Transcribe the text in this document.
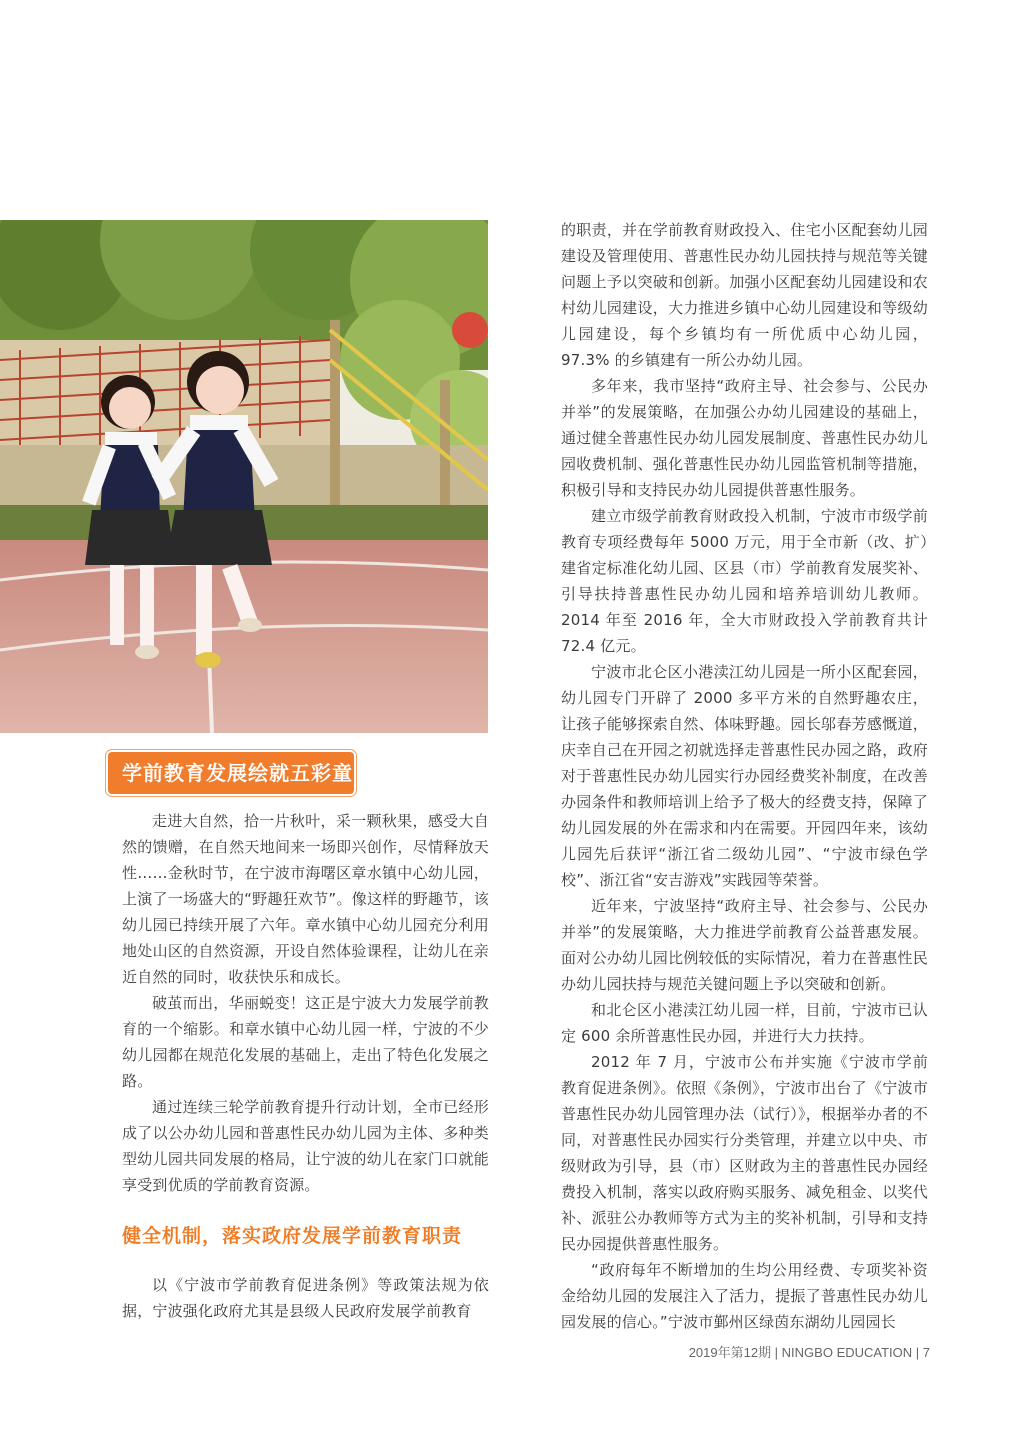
学前教育发展绘就五彩童年 走进大自然，拾一片秋叶，采一颗秋果，感受大自然的馈赠，在自然天地间来一场即兴创作，尽情释放天性……金秋时节，在宁波市海曙区章水镇中心幼儿园，上演了一场盛大的“野趣狂欢节”。像这样的野趣节，该幼儿园已持续开展了六年。章水镇中心幼儿园充分利用地处山区的自然资源，开设自然体验课程，让幼儿在亲近自然的同时，收获快乐和成长。

破茧而出，华丽蜕变！这正是宁波大力发展学前教育的一个缩影。和章水镇中心幼儿园一样，宁波的不少幼儿园都在规范化发展的基础上，走出了特色化发展之路。

通过连续三轮学前教育提升行动计划，全市已经形成了以公办幼儿园和普惠性民办幼儿园为主体、多种类型幼儿园共同发展的格局，让宁波的幼儿在家门口就能享受到优质的学前教育资源。

健全机制，落实政府发展学前教育职责

以《宁波市学前教育促进条例》等政策法规为依据，宁波强化政府尤其是县级人民政府发展学前教育

的职责，并在学前教育财政投入、住宅小区配套幼儿园建设及管理使用、普惠性民办幼儿园扶持与规范等关键问题上予以突破和创新。加强小区配套幼儿园建设和农村幼儿园建设，大力推进乡镇中心幼儿园建设和等级幼儿园建设，每个乡镇均有一所优质中心幼儿园，97.3% 的乡镇建有一所公办幼儿园。

多年来，我市坚持“政府主导、社会参与、公民办并举”的发展策略，在加强公办幼儿园建设的基础上，通过健全普惠性民办幼儿园发展制度、普惠性民办幼儿园收费机制、强化普惠性民办幼儿园监管机制等措施，积极引导和支持民办幼儿园提供普惠性服务。

建立市级学前教育财政投入机制，宁波市市级学前教育专项经费每年 5000 万元，用于全市新（改、扩）建省定标准化幼儿园、区县（市）学前教育发展奖补、引导扶持普惠性民办幼儿园和培养培训幼儿教师。2014 年至 2016 年，全大市财政投入学前教育共计 72.4 亿元。

宁波市北仑区小港渎江幼儿园是一所小区配套园，幼儿园专门开辟了 2000 多平方米的自然野趣农庄，让孩子能够探索自然、体味野趣。园长邬春芳感慨道，庆幸自己在开园之初就选择走普惠性民办园之路，政府对于普惠性民办幼儿园实行办园经费奖补制度，在改善办园条件和教师培训上给予了极大的经费支持，保障了幼儿园发展的外在需求和内在需要。开园四年来，该幼儿园先后获评“浙江省二级幼儿园”、“宁波市绿色学校”、浙江省“安吉游戏”实践园等荣誉。

近年来，宁波坚持“政府主导、社会参与、公民办并举”的发展策略，大力推进学前教育公益普惠发展。面对公办幼儿园比例较低的实际情况，着力在普惠性民办幼儿园扶持与规范关键问题上予以突破和创新。

和北仑区小港渎江幼儿园一样，目前，宁波市已认定 600 余所普惠性民办园，并进行大力扶持。

2012 年 7 月，宁波市公布并实施《宁波市学前教育促进条例》。依照《条例》，宁波市出台了《宁波市普惠性民办幼儿园管理办法（试行）》，根据举办者的不同，对普惠性民办园实行分类管理，并建立以中央、市级财政为引导，县（市）区财政为主的普惠性民办园经费投入机制，落实以政府购买服务、减免租金、以奖代补、派驻公办教师等方式为主的奖补机制，引导和支持民办园提供普惠性服务。

“政府每年不断增加的生均公用经费、专项奖补资金给幼儿园的发展注入了活力，提振了普惠性民办幼儿园发展的信心。”宁波市鄞州区绿茵东湖幼儿园园长

2019年第12期 | NINGBO EDUCATION | 7
